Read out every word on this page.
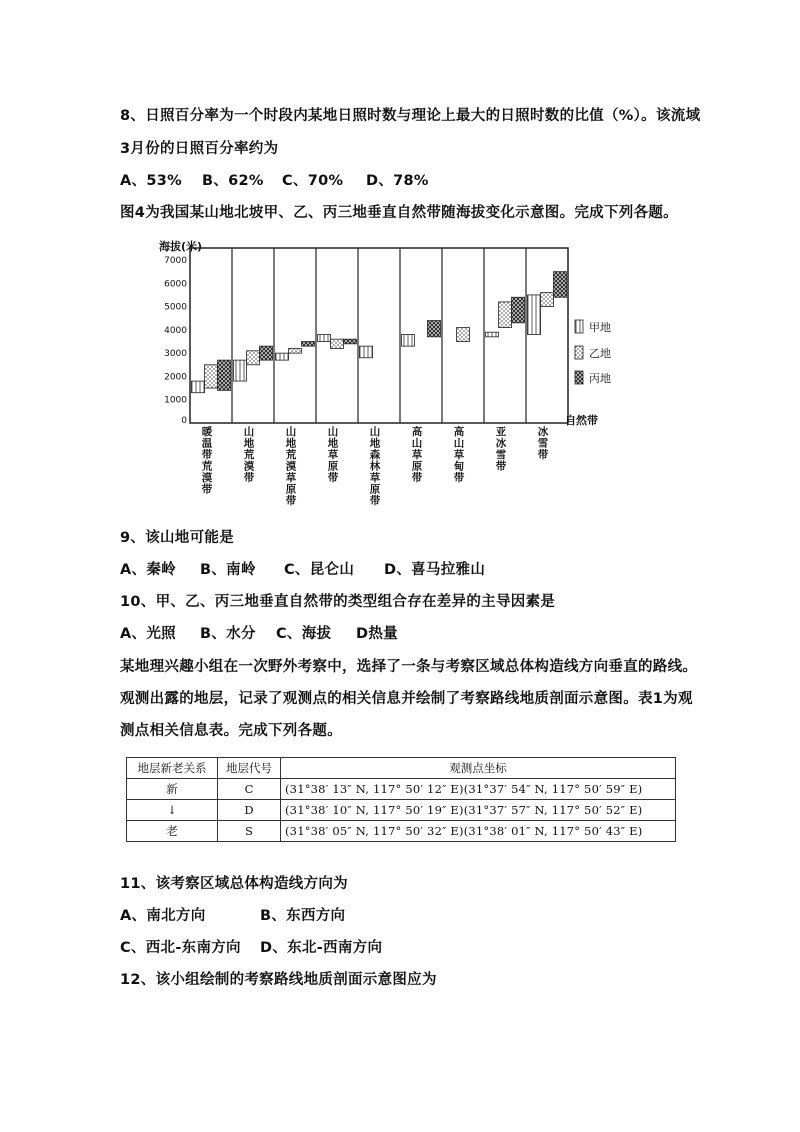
8、日照百分率为一个时段内某地日照时数与理论上最大的日照时数的比值（%）。该流域
3月份的日照百分率约为
A、53% B、62% C、70% D、78%
图4为我国某山地北坡甲、乙、丙三地垂直自然带随海拔变化示意图。完成下列各题。
海拔(米)
1000
2000
3000
4000
5000
6000
7000
0
暖温带荒漠带
山地荒漠带
山地荒漠草原带
山地草原带
山地森林草原带
高山草原带
高山草甸带
亚冰雪带
冰雪带
自然带
甲地
乙地
丙地
9、该山地可能是
A、秦岭 B、南岭 C、昆仑山 D、喜马拉雅山
10、甲、乙、丙三地垂直自然带的类型组合存在差异的主导因素是
A、光照 B、水分 C、海拔 D热量
某地理兴趣小组在一次野外考察中，选择了一条与考察区域总体构造线方向垂直的路线。
观测出露的地层，记录了观测点的相关信息并绘制了考察路线地质剖面示意图。表1为观
测点相关信息表。完成下列各题。
地层新老关系	地层代号	观测点坐标
新	C	(31°38′ 13″ N, 117° 50′ 12″ E)(31°37′ 54″ N, 117° 50′ 59″ E)
↓	D	(31°38′ 10″ N, 117° 50′ 19″ E)(31°37′ 57″ N, 117° 50′ 52″ E)
老	S	(31°38′ 05″ N, 117° 50′ 32″ E)(31°38′ 01″ N, 117° 50′ 43″ E)
11、该考察区域总体构造线方向为
A、南北方向	B、东西方向
C、西北-东南方向 D、东北-西南方向
12、该小组绘制的考察路线地质剖面示意图应为
